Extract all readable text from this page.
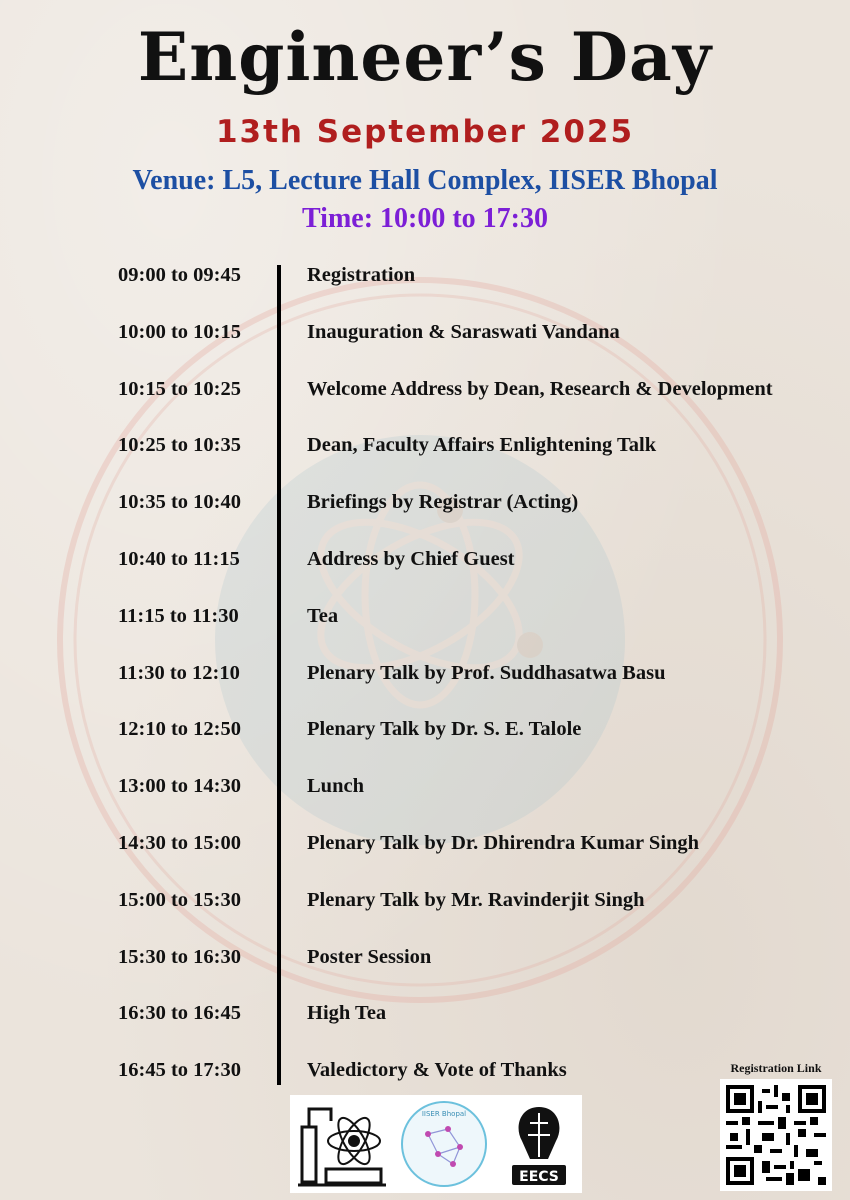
Engineer’s Day
13th September 2025
Venue: L5, Lecture Hall Complex, IISER Bhopal
Time: 10:00 to 17:30
09:00 to 09:45	Registration
10:00 to 10:15	Inauguration & Saraswati Vandana
10:15 to 10:25	Welcome Address by Dean, Research & Development
10:25 to 10:35	Dean, Faculty Affairs Enlightening Talk
10:35 to 10:40	Briefings by Registrar (Acting)
10:40 to 11:15	Address by Chief Guest
11:15 to 11:30	Tea
11:30 to 12:10	Plenary Talk by Prof. Suddhasatwa Basu
12:10 to 12:50	Plenary Talk by Dr. S. E. Talole
13:00 to 14:30	Lunch
14:30 to 15:00	Plenary Talk by Dr. Dhirendra Kumar Singh
15:00 to 15:30	Plenary Talk by Mr. Ravinderjit Singh
15:30 to 16:30	Poster Session
16:30 to 16:45	High Tea
16:45 to 17:30	Valedictory & Vote of Thanks
IISER Bhopal
EECS
Registration Link
